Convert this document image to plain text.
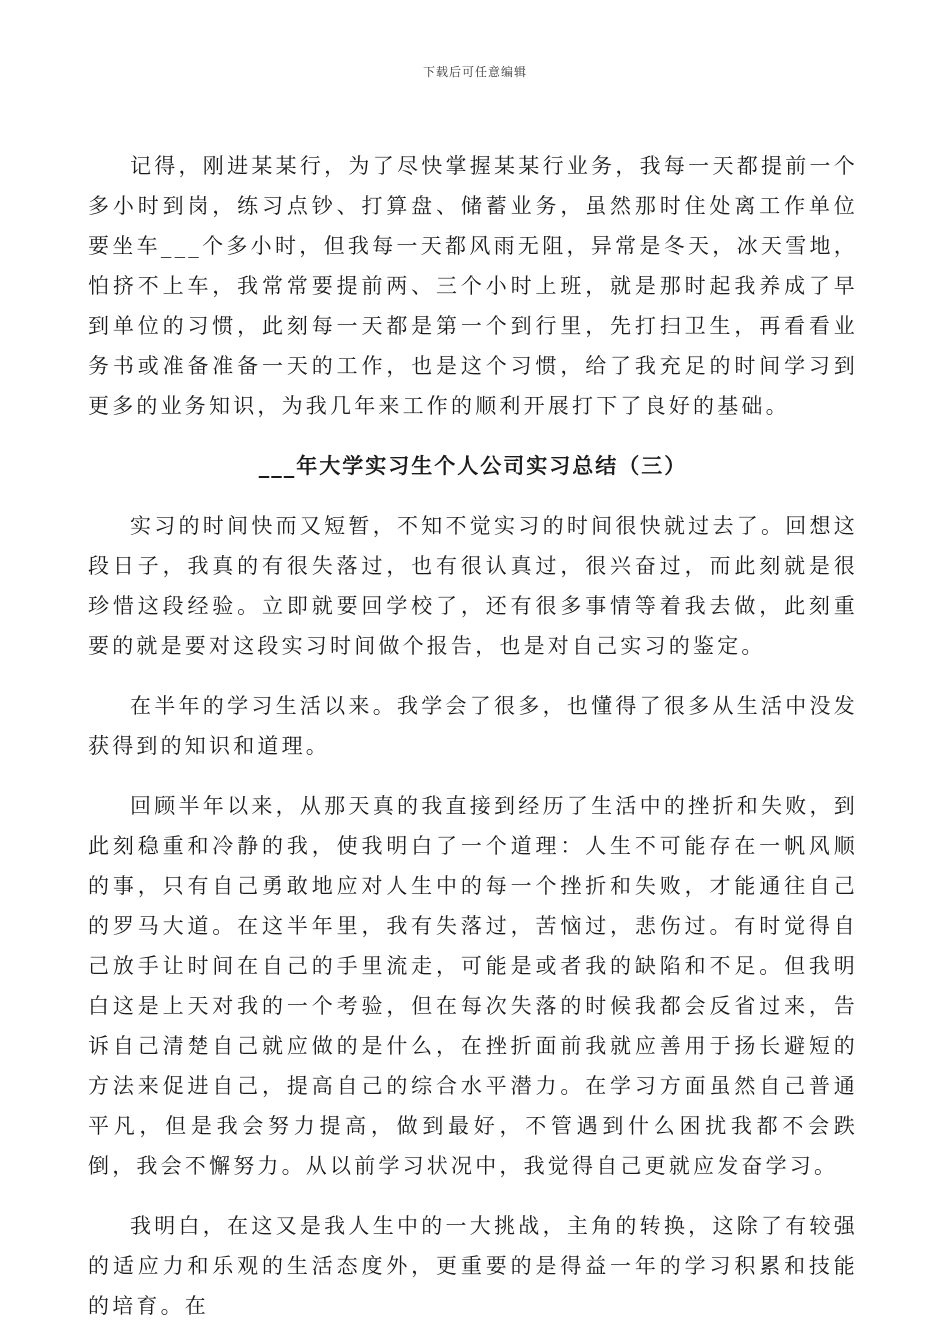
下载后可任意编辑

记得，刚进某某行，为了尽快掌握某某行业务，我每一天都提前一个多小时到岗，练习点钞、打算盘、储蓄业务，虽然那时住处离工作单位要坐车___个多小时，但我每一天都风雨无阻，异常是冬天，冰天雪地，怕挤不上车，我常常要提前两、三个小时上班，就是那时起我养成了早到单位的习惯，此刻每一天都是第一个到行里，先打扫卫生，再看看业务书或准备准备一天的工作，也是这个习惯，给了我充足的时间学习到更多的业务知识，为我几年来工作的顺利开展打下了良好的基础。

___年大学实习生个人公司实习总结（三）

实习的时间快而又短暂，不知不觉实习的时间很快就过去了。回想这段日子，我真的有很失落过，也有很认真过，很兴奋过，而此刻就是很珍惜这段经验。立即就要回学校了，还有很多事情等着我去做，此刻重要的就是要对这段实习时间做个报告，也是对自己实习的鉴定。

在半年的学习生活以来。我学会了很多，也懂得了很多从生活中没发获得到的知识和道理。

回顾半年以来，从那天真的我直接到经历了生活中的挫折和失败，到此刻稳重和冷静的我，使我明白了一个道理：人生不可能存在一帆风顺的事，只有自己勇敢地应对人生中的每一个挫折和失败，才能通往自己的罗马大道。在这半年里，我有失落过，苦恼过，悲伤过。有时觉得自己放手让时间在自己的手里流走，可能是或者我的缺陷和不足。但我明白这是上天对我的一个考验，但在每次失落的时候我都会反省过来，告诉自己清楚自己就应做的是什么，在挫折面前我就应善用于扬长避短的方法来促进自己，提高自己的综合水平潜力。在学习方面虽然自己普通平凡，但是我会努力提高，做到最好，不管遇到什么困扰我都不会跌倒，我会不懈努力。从以前学习状况中，我觉得自己更就应发奋学习。

我明白，在这又是我人生中的一大挑战，主角的转换，这除了有较强的适应力和乐观的生活态度外，更重要的是得益一年的学习积累和技能的培育。在
